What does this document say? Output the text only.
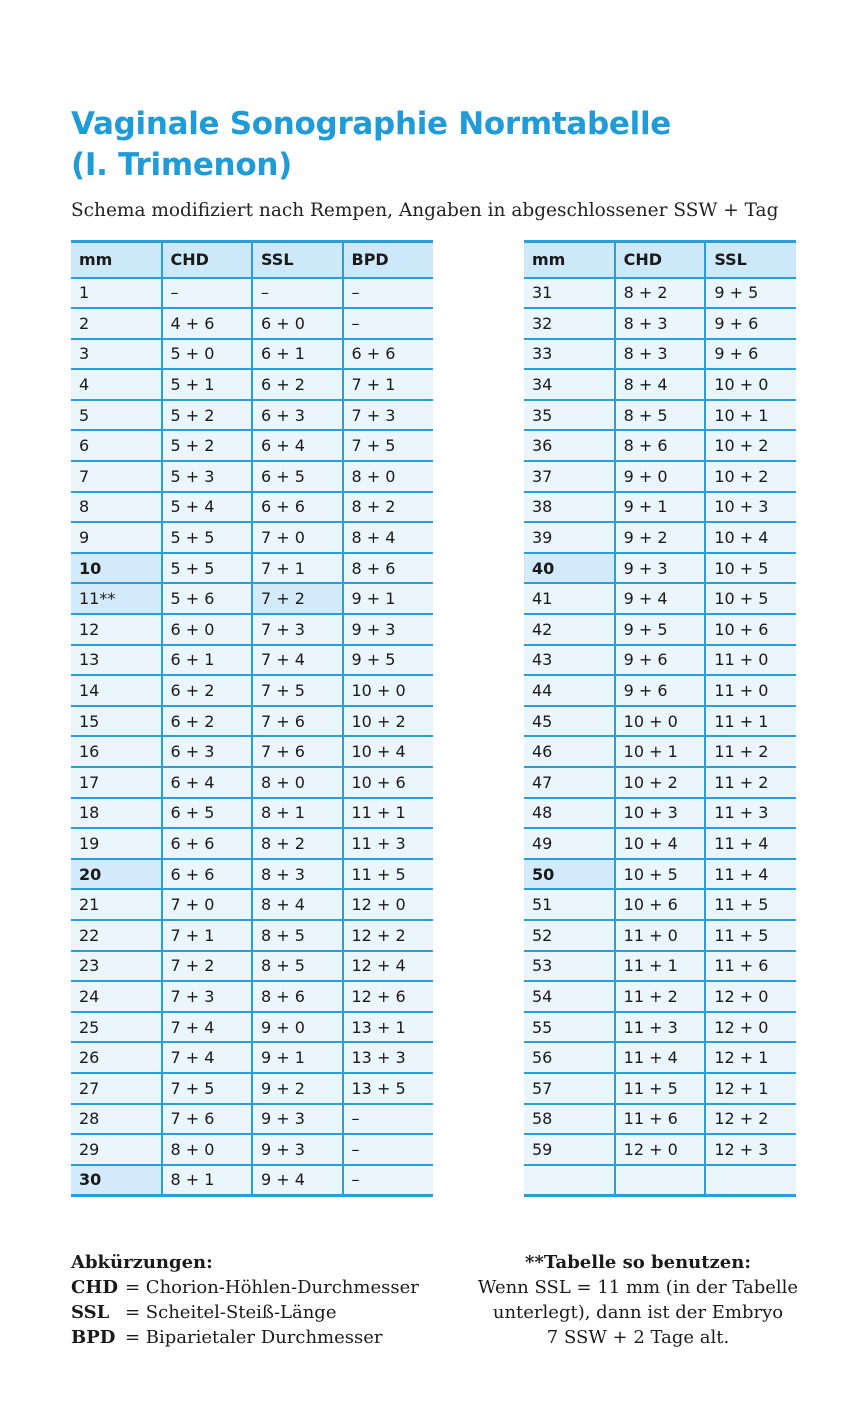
Vaginale Sonographie Normtabelle
(I. Trimenon)

Schema modifiziert nach Rempen, Angaben in abgeschlossener SSW + Tag

mm	CHD	SSL	BPD
1	–	–	–
2	4 + 6	6 + 0	–
3	5 + 0	6 + 1	6 + 6
4	5 + 1	6 + 2	7 + 1
5	5 + 2	6 + 3	7 + 3
6	5 + 2	6 + 4	7 + 5
7	5 + 3	6 + 5	8 + 0
8	5 + 4	6 + 6	8 + 2
9	5 + 5	7 + 0	8 + 4
10	5 + 5	7 + 1	8 + 6
11**	5 + 6	7 + 2	9 + 1
12	6 + 0	7 + 3	9 + 3
13	6 + 1	7 + 4	9 + 5
14	6 + 2	7 + 5	10 + 0
15	6 + 2	7 + 6	10 + 2
16	6 + 3	7 + 6	10 + 4
17	6 + 4	8 + 0	10 + 6
18	6 + 5	8 + 1	11 + 1
19	6 + 6	8 + 2	11 + 3
20	6 + 6	8 + 3	11 + 5
21	7 + 0	8 + 4	12 + 0
22	7 + 1	8 + 5	12 + 2
23	7 + 2	8 + 5	12 + 4
24	7 + 3	8 + 6	12 + 6
25	7 + 4	9 + 0	13 + 1
26	7 + 4	9 + 1	13 + 3
27	7 + 5	9 + 2	13 + 5
28	7 + 6	9 + 3	–
29	8 + 0	9 + 3	–
30	8 + 1	9 + 4	–
mm	CHD	SSL
31	8 + 2	9 + 5
32	8 + 3	9 + 6
33	8 + 3	9 + 6
34	8 + 4	10 + 0
35	8 + 5	10 + 1
36	8 + 6	10 + 2
37	9 + 0	10 + 2
38	9 + 1	10 + 3
39	9 + 2	10 + 4
40	9 + 3	10 + 5
41	9 + 4	10 + 5
42	9 + 5	10 + 6
43	9 + 6	11 + 0
44	9 + 6	11 + 0
45	10 + 0	11 + 1
46	10 + 1	11 + 2
47	10 + 2	11 + 2
48	10 + 3	11 + 3
49	10 + 4	11 + 4
50	10 + 5	11 + 4
51	10 + 6	11 + 5
52	11 + 0	11 + 5
53	11 + 1	11 + 6
54	11 + 2	12 + 0
55	11 + 3	12 + 0
56	11 + 4	12 + 1
57	11 + 5	12 + 1
58	11 + 6	12 + 2
59	12 + 0	12 + 3

Abkürzungen:
CHD = Chorion-Höhlen-Durchmesser
SSL = Scheitel-Steiß-Länge
BPD = Biparietaler Durchmesser
**Tabelle so benutzen:
Wenn SSL = 11 mm (in der Tabelle
unterlegt), dann ist der Embryo
7 SSW + 2 Tage alt.
